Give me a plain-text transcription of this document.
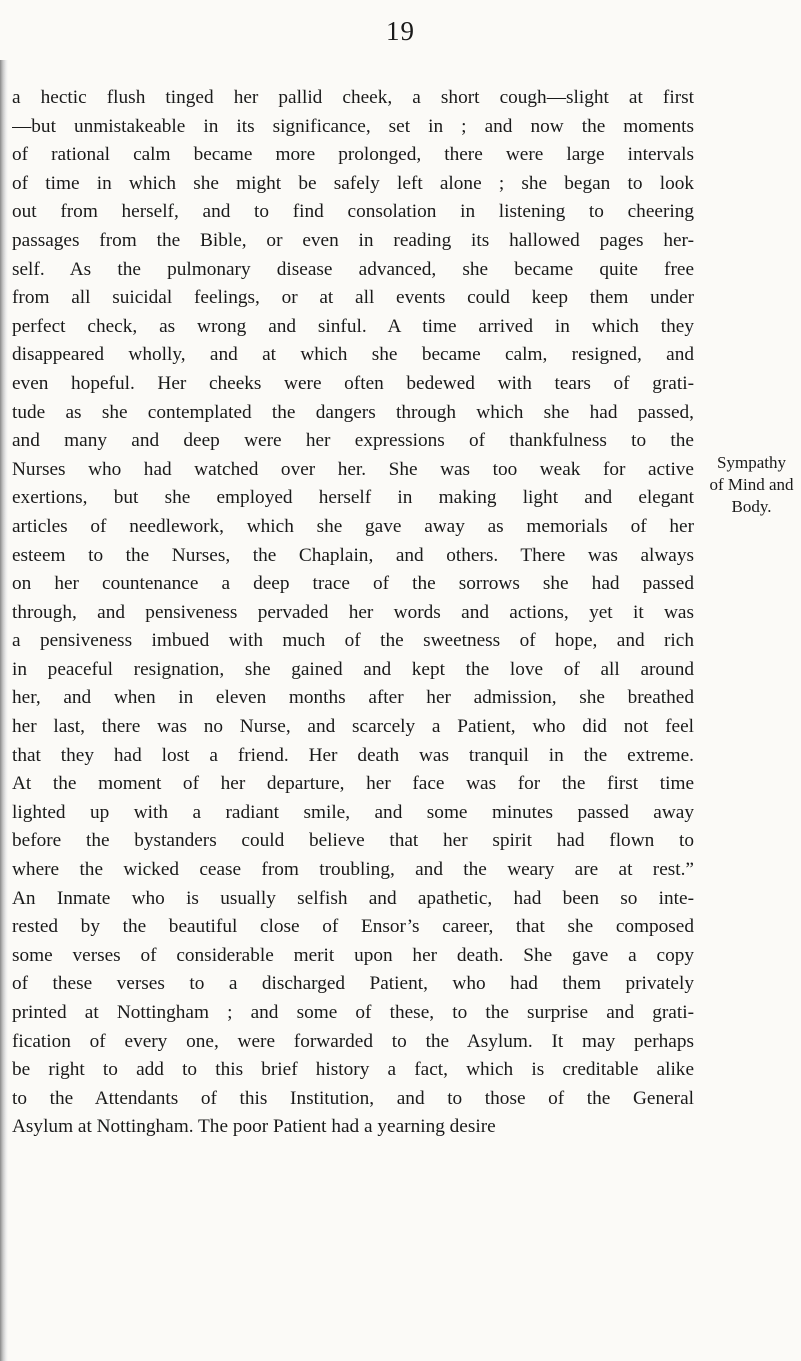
19
a hectic flush tinged her pallid cheek, a short cough—slight at first
—but unmistakeable in its significance, set in ; and now the moments
of rational calm became more prolonged, there were large intervals
of time in which she might be safely left alone ; she began to look
out from herself, and to find consolation in listening to cheering
passages from the Bible, or even in reading its hallowed pages her-
self. As the pulmonary disease advanced, she became quite free
from all suicidal feelings, or at all events could keep them under
perfect check, as wrong and sinful. A time arrived in which they
disappeared wholly, and at which she became calm, resigned, and
even hopeful. Her cheeks were often bedewed with tears of grati-
tude as she contemplated the dangers through which she had passed,
and many and deep were her expressions of thankfulness to the
Nurses who had watched over her. She was too weak for active
exertions, but she employed herself in making light and elegant
articles of needlework, which she gave away as memorials of her
esteem to the Nurses, the Chaplain, and others. There was always
on her countenance a deep trace of the sorrows she had passed
through, and pensiveness pervaded her words and actions, yet it was
a pensiveness imbued with much of the sweetness of hope, and rich
in peaceful resignation, she gained and kept the love of all around
her, and when in eleven months after her admission, she breathed
her last, there was no Nurse, and scarcely a Patient, who did not feel
that they had lost a friend. Her death was tranquil in the extreme.
At the moment of her departure, her face was for the first time
lighted up with a radiant smile, and some minutes passed away
before the bystanders could believe that her spirit had flown to
where the wicked cease from troubling, and the weary are at rest.”
An Inmate who is usually selfish and apathetic, had been so inte-
rested by the beautiful close of Ensor’s career, that she composed
some verses of considerable merit upon her death. She gave a copy
of these verses to a discharged Patient, who had them privately
printed at Nottingham ; and some of these, to the surprise and grati-
fication of every one, were forwarded to the Asylum. It may perhaps
be right to add to this brief history a fact, which is creditable alike
to the Attendants of this Institution, and to those of the General
Asylum at Nottingham. The poor Patient had a yearning desire
Sympathy
of Mind and
Body.
